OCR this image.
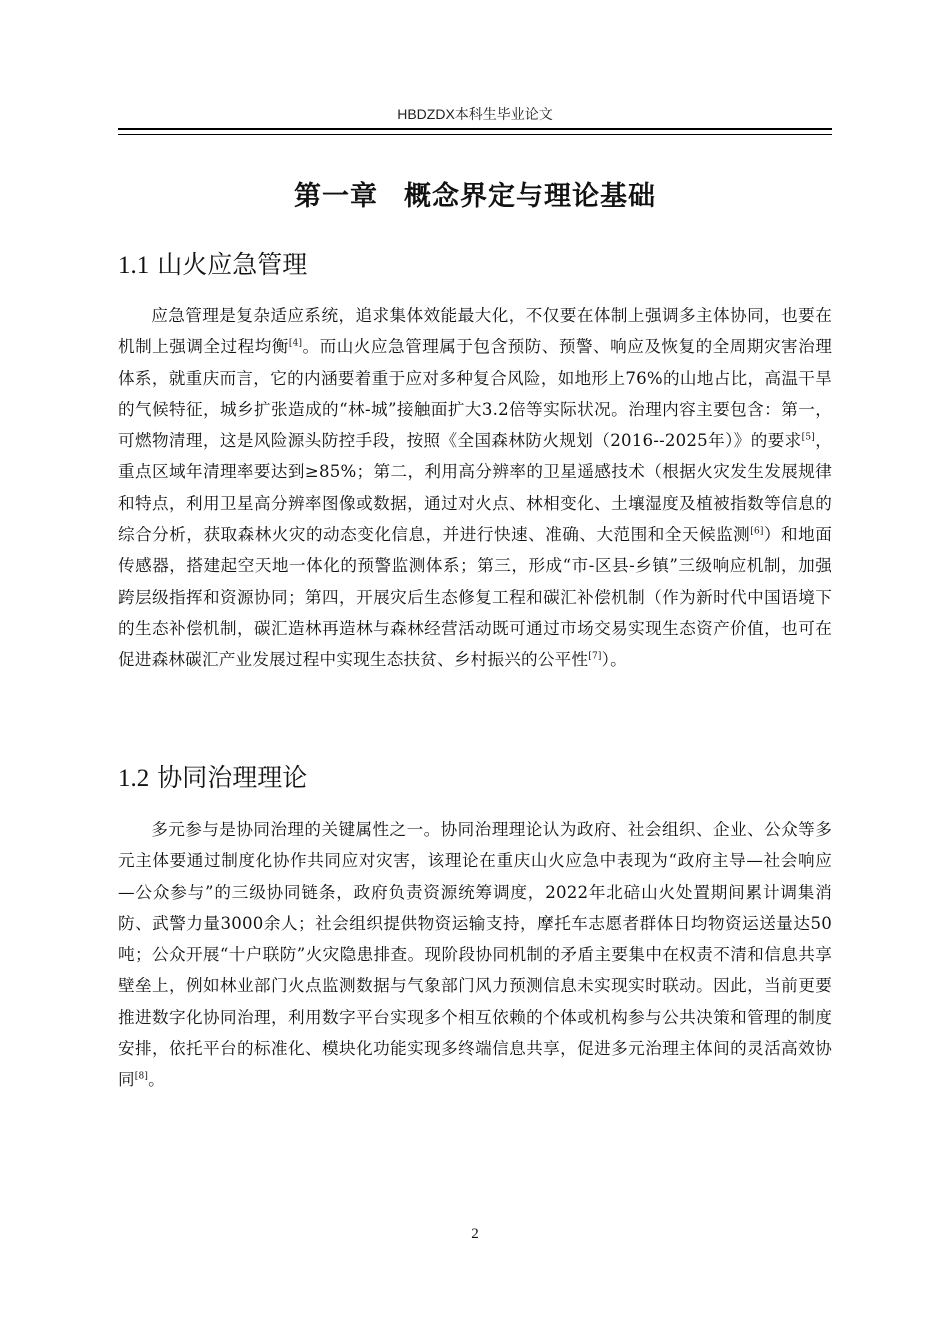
HBDZDX本科生毕业论文
第一章 概念界定与理论基础
1.1 山火应急管理

应急管理是复杂适应系统，追求集体效能最大化，不仅要在体制上强调多主体协同，也要在机制上强调全过程均衡[4]。而山火应急管理属于包含预防、预警、响应及恢复的全周期灾害治理体系，就重庆而言，它的内涵要着重于应对多种复合风险，如地形上76%的山地占比，高温干旱的气候特征，城乡扩张造成的“林-城”接触面扩大3.2倍等实际状况。治理内容主要包含：第一，可燃物清理，这是风险源头防控手段，按照《全国森林防火规划（2016--2025年）》的要求[5]，重点区域年清理率要达到≥85%；第二，利用高分辨率的卫星遥感技术（根据火灾发生发展规律和特点，利用卫星高分辨率图像或数据，通过对火点、林相变化、土壤湿度及植被指数等信息的综合分析，获取森林火灾的动态变化信息，并进行快速、准确、大范围和全天候监测[6]）和地面传感器，搭建起空天地一体化的预警监测体系；第三，形成“市-区县-乡镇”三级响应机制，加强跨层级指挥和资源协同；第四，开展灾后生态修复工程和碳汇补偿机制（作为新时代中国语境下的生态补偿机制，碳汇造林再造林与森林经营活动既可通过市场交易实现生态资产价值，也可在促进森林碳汇产业发展过程中实现生态扶贫、乡村振兴的公平性[7]）。

1.2 协同治理理论

多元参与是协同治理的关键属性之一。协同治理理论认为政府、社会组织、企业、公众等多元主体要通过制度化协作共同应对灾害，该理论在重庆山火应急中表现为“政府主导—社会响应—公众参与”的三级协同链条，政府负责资源统筹调度，2022年北碚山火处置期间累计调集消防、武警力量3000余人；社会组织提供物资运输支持，摩托车志愿者群体日均物资运送量达50吨；公众开展“十户联防”火灾隐患排查。现阶段协同机制的矛盾主要集中在权责不清和信息共享壁垒上，例如林业部门火点监测数据与气象部门风力预测信息未实现实时联动。因此，当前更要推进数字化协同治理，利用数字平台实现多个相互依赖的个体或机构参与公共决策和管理的制度安排，依托平台的标准化、模块化功能实现多终端信息共享，促进多元治理主体间的灵活高效协同[8]。

2
